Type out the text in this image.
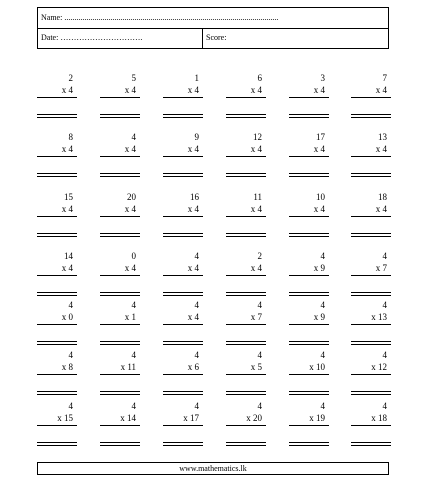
Name: ...........................................................................................................
Date: ………………………….	Score:
2
x 4
5
x 4
1
x 4
6
x 4
3
x 4
7
x 4
8
x 4
4
x 4
9
x 4
12
x 4
17
x 4
13
x 4
15
x 4
20
x 4
16
x 4
11
x 4
10
x 4
18
x 4
14
x 4
0
x 4
4
x 4
2
x 4
4
x 9
4
x 7
4
x 0
4
x 1
4
x 4
4
x 7
4
x 9
4
x 13
4
x 8
4
x 11
4
x 6
4
x 5
4
x 10
4
x 12
4
x 15
4
x 14
4
x 17
4
x 20
4
x 19
4
x 18
www.mathematics.lk
